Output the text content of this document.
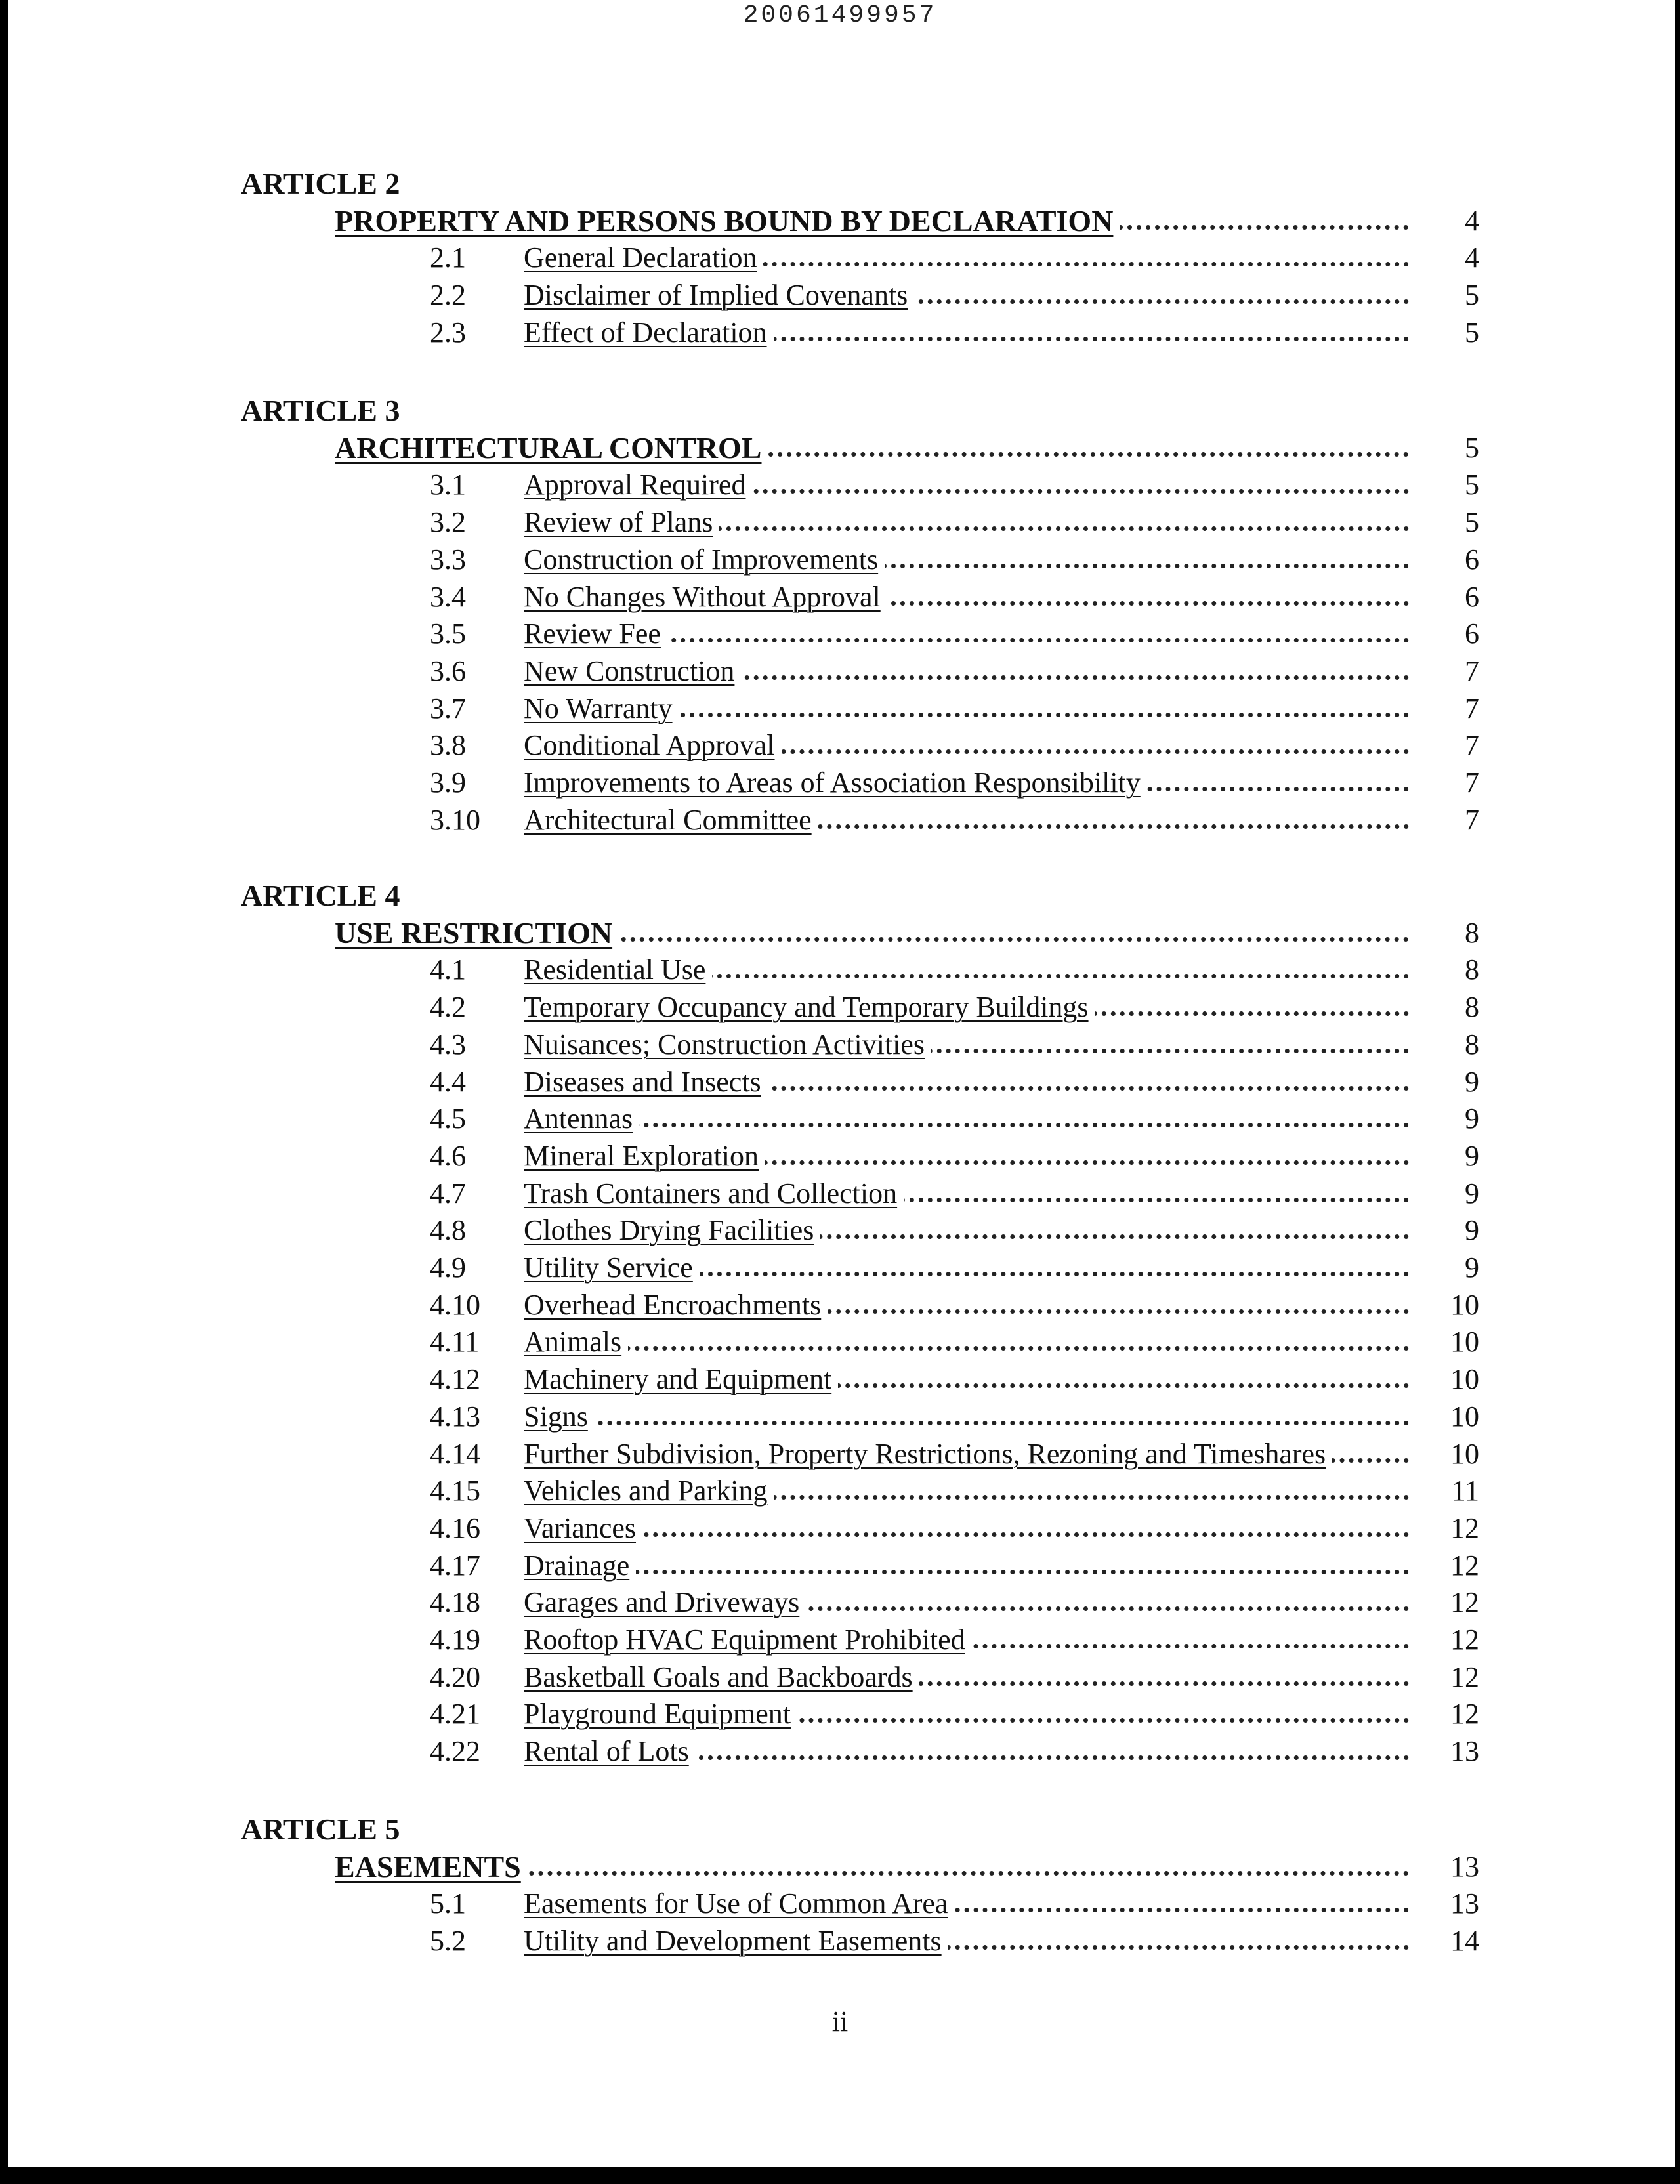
20061499957
ARTICLE 2
PROPERTY AND PERSONS BOUND BY DECLARATION	4
2.1	General Declaration	4
2.2	Disclaimer of Implied Covenants	5
2.3	Effect of Declaration	5
ARTICLE 3
ARCHITECTURAL CONTROL	5
3.1	Approval Required	5
3.2	Review of Plans	5
3.3	Construction of Improvements	6
3.4	No Changes Without Approval	6
3.5	Review Fee	6
3.6	New Construction	7
3.7	No Warranty	7
3.8	Conditional Approval	7
3.9	Improvements to Areas of Association Responsibility	7
3.10	Architectural Committee	7
ARTICLE 4
USE RESTRICTION	8
4.1	Residential Use	8
4.2	Temporary Occupancy and Temporary Buildings	8
4.3	Nuisances; Construction Activities	8
4.4	Diseases and Insects	9
4.5	Antennas	9
4.6	Mineral Exploration	9
4.7	Trash Containers and Collection	9
4.8	Clothes Drying Facilities	9
4.9	Utility Service	9
4.10	Overhead Encroachments	10
4.11	Animals	10
4.12	Machinery and Equipment	10
4.13	Signs	10
4.14	Further Subdivision, Property Restrictions, Rezoning and Timeshares	10
4.15	Vehicles and Parking	11
4.16	Variances	12
4.17	Drainage	12
4.18	Garages and Driveways	12
4.19	Rooftop HVAC Equipment Prohibited	12
4.20	Basketball Goals and Backboards	12
4.21	Playground Equipment	12
4.22	Rental of Lots	13
ARTICLE 5
EASEMENTS	13
5.1	Easements for Use of Common Area	13
5.2	Utility and Development Easements	14
ii
